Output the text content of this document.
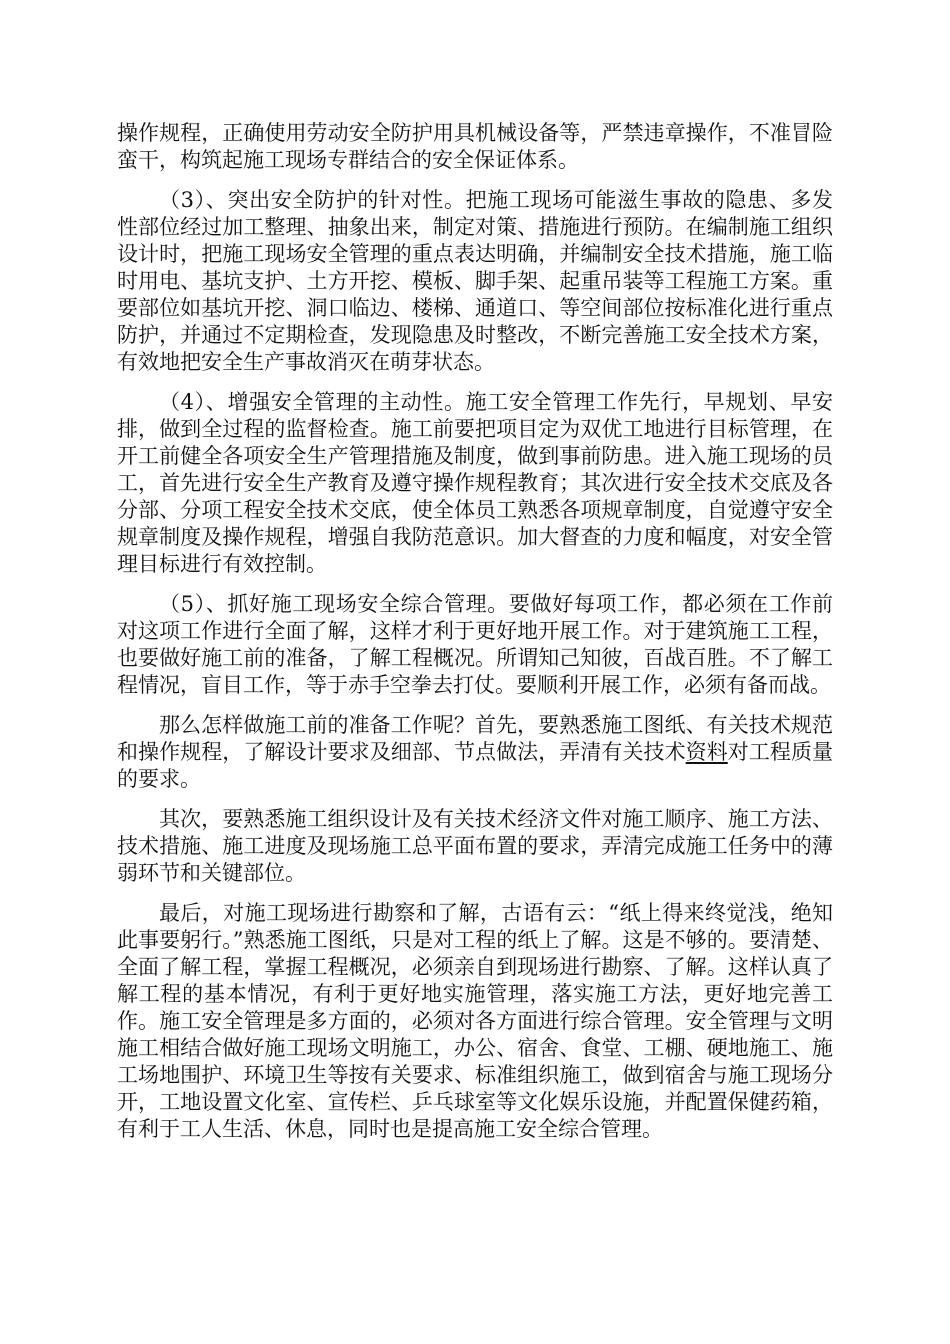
操作规程，正确使用劳动安全防护用具机械设备等，严禁违章操作，不准冒险蛮干，构筑起施工现场专群结合的安全保证体系。

（3）、突出安全防护的针对性。把施工现场可能滋生事故的隐患、多发性部位经过加工整理、抽象出来，制定对策、措施进行预防。在编制施工组织设计时，把施工现场安全管理的重点表达明确，并编制安全技术措施，施工临时用电、基坑支护、土方开挖、模板、脚手架、起重吊装等工程施工方案。重要部位如基坑开挖、洞口临边、楼梯、通道口、等空间部位按标准化进行重点防护，并通过不定期检查，发现隐患及时整改，不断完善施工安全技术方案，有效地把安全生产事故消灭在萌芽状态。

（4）、增强安全管理的主动性。施工安全管理工作先行，早规划、早安排，做到全过程的监督检查。施工前要把项目定为双优工地进行目标管理，在开工前健全各项安全生产管理措施及制度，做到事前防患。进入施工现场的员工，首先进行安全生产教育及遵守操作规程教育；其次进行安全技术交底及各分部、分项工程安全技术交底，使全体员工熟悉各项规章制度，自觉遵守安全规章制度及操作规程，增强自我防范意识。加大督查的力度和幅度，对安全管理目标进行有效控制。

（5）、抓好施工现场安全综合管理。要做好每项工作，都必须在工作前对这项工作进行全面了解，这样才利于更好地开展工作。对于建筑施工工程，也要做好施工前的准备，了解工程概况。所谓知己知彼，百战百胜。不了解工程情况，盲目工作，等于赤手空拳去打仗。要顺利开展工作，必须有备而战。

那么怎样做施工前的准备工作呢？首先，要熟悉施工图纸、有关技术规范和操作规程，了解设计要求及细部、节点做法，弄清有关技术资料对工程质量的要求。

其次，要熟悉施工组织设计及有关技术经济文件对施工顺序、施工方法、技术措施、施工进度及现场施工总平面布置的要求，弄清完成施工任务中的薄弱环节和关键部位。

最后，对施工现场进行勘察和了解，古语有云：“纸上得来终觉浅，绝知此事要躬行。”熟悉施工图纸，只是对工程的纸上了解。这是不够的。要清楚、全面了解工程，掌握工程概况，必须亲自到现场进行勘察、了解。这样认真了解工程的基本情况，有利于更好地实施管理，落实施工方法，更好地完善工作。施工安全管理是多方面的，必须对各方面进行综合管理。安全管理与文明施工相结合做好施工现场文明施工，办公、宿舍、食堂、工棚、硬地施工、施工场地围护、环境卫生等按有关要求、标准组织施工，做到宿舍与施工现场分开，工地设置文化室、宣传栏、乒乓球室等文化娱乐设施，并配置保健药箱，有利于工人生活、休息，同时也是提高施工安全综合管理。
